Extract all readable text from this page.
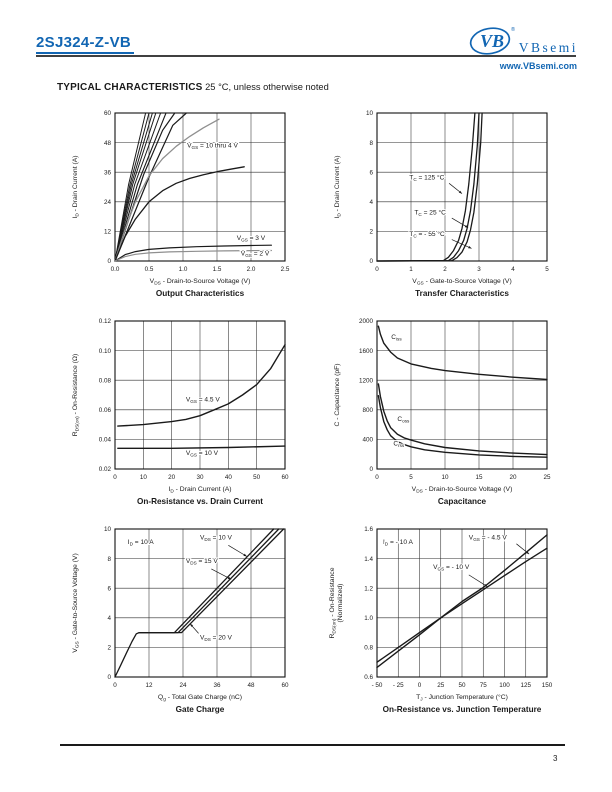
2SJ324-Z-VB	VB
®
VBsemi
www.VBsemi.com
TYPICAL CHARACTERISTICS 25 °C, unless otherwise noted
$V_{GS} = 10$ thru 4 V
$V_{GS} = 3$ V
$V_{GS} = 2$ V
0.0	0.5	1.0	1.5	2.0	2.5
0
12
24
36
48
60
$V_{DS}$ - Drain-to-Source Voltage (V)
$I_D$ - Drain Current (A)
Output Characteristics
$T_C = 125$ °C
$T_C = 25$ °C
$T_C$ = - 55 °C
0	1	2	3	4	5
0
2
4
6
8
10
$V_{GS}$ - Gate-to-Source Voltage (V)
$I_D$ - Drain Current (A)
Transfer Characteristics
$V_{GS} = 4.5$ V
$V_{GS} = 10$ V
0	10	20	30	40	50	60
0.02
0.04
0.06
0.08
0.10
0.12
$I_D$ - Drain Current (A)
$R_{DS(on)}$ - On-Resistance (Ω)
On-Resistance vs. Drain Current
$C_{iss}$
$C_{oss}$
$C_{rss}$
0	5	10	15	20	25
0
400
800
1200
1600
2000
$V_{DS}$ - Drain-to-Source Voltage (V)
C - Capacitance (pF)
Capacitance
$I_D = 10$ A
$V_{DS} = 10$ V
$V_{DS} = 15$ V
$V_{DS} = 20$ V
0	12	24	36	48	60
0
2
4
6
8
10
$Q_g$ - Total Gate Charge (nC)
$V_{GS}$ - Gate-to-Source Voltage (V)
Gate Charge
$I_D$ = - 10 A
$V_{GS}$ = - 4.5 V
$V_{GS}$ = - 10 V
- 50 - 25 0	25 50 75 100 125 150
0.6
0.8
1.0
1.2
1.4
1.6
$T_J$ - Junction Temperature (°C)
$R_{DS(on)}$ - On-Resistance (Normalized)
On-Resistance vs. Junction Temperature
3
